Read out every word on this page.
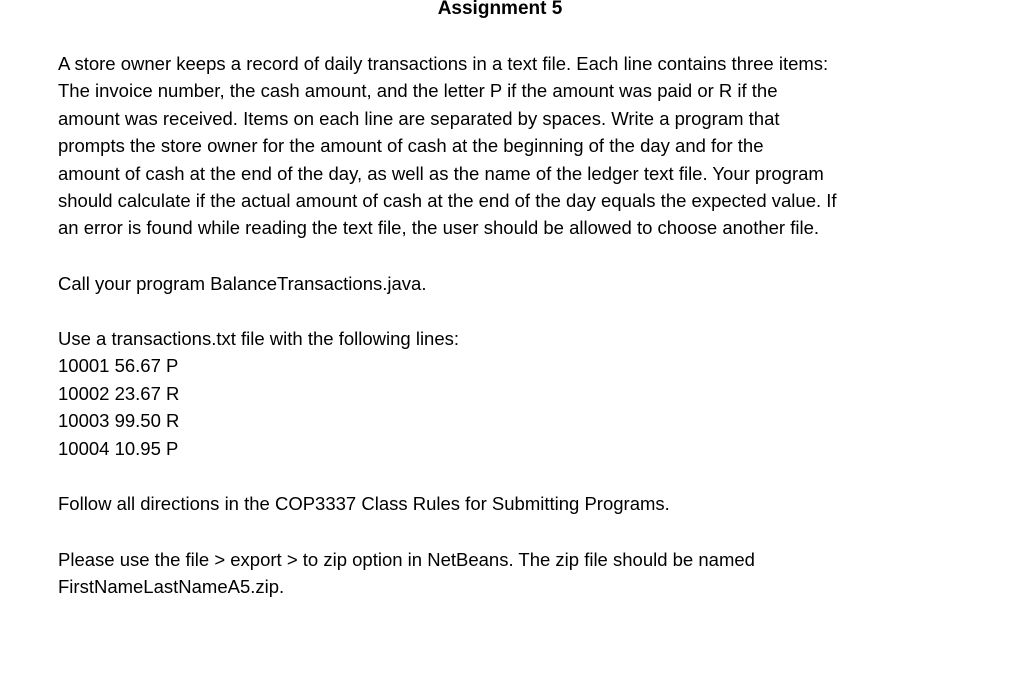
Assignment 5
A store owner keeps a record of daily transactions in a text file. Each line contains three items:
The invoice number, the cash amount, and the letter P if the amount was paid or R if the
amount was received. Items on each line are separated by spaces. Write a program that
prompts the store owner for the amount of cash at the beginning of the day and for the
amount of cash at the end of the day, as well as the name of the ledger text file. Your program
should calculate if the actual amount of cash at the end of the day equals the expected value. If
an error is found while reading the text file, the user should be allowed to choose another file.
Call your program BalanceTransactions.java.
Use a transactions.txt file with the following lines:
10001 56.67 P
10002 23.67 R
10003 99.50 R
10004 10.95 P
Follow all directions in the COP3337 Class Rules for Submitting Programs.
Please use the file > export > to zip option in NetBeans. The zip file should be named
FirstNameLastNameA5.zip.
